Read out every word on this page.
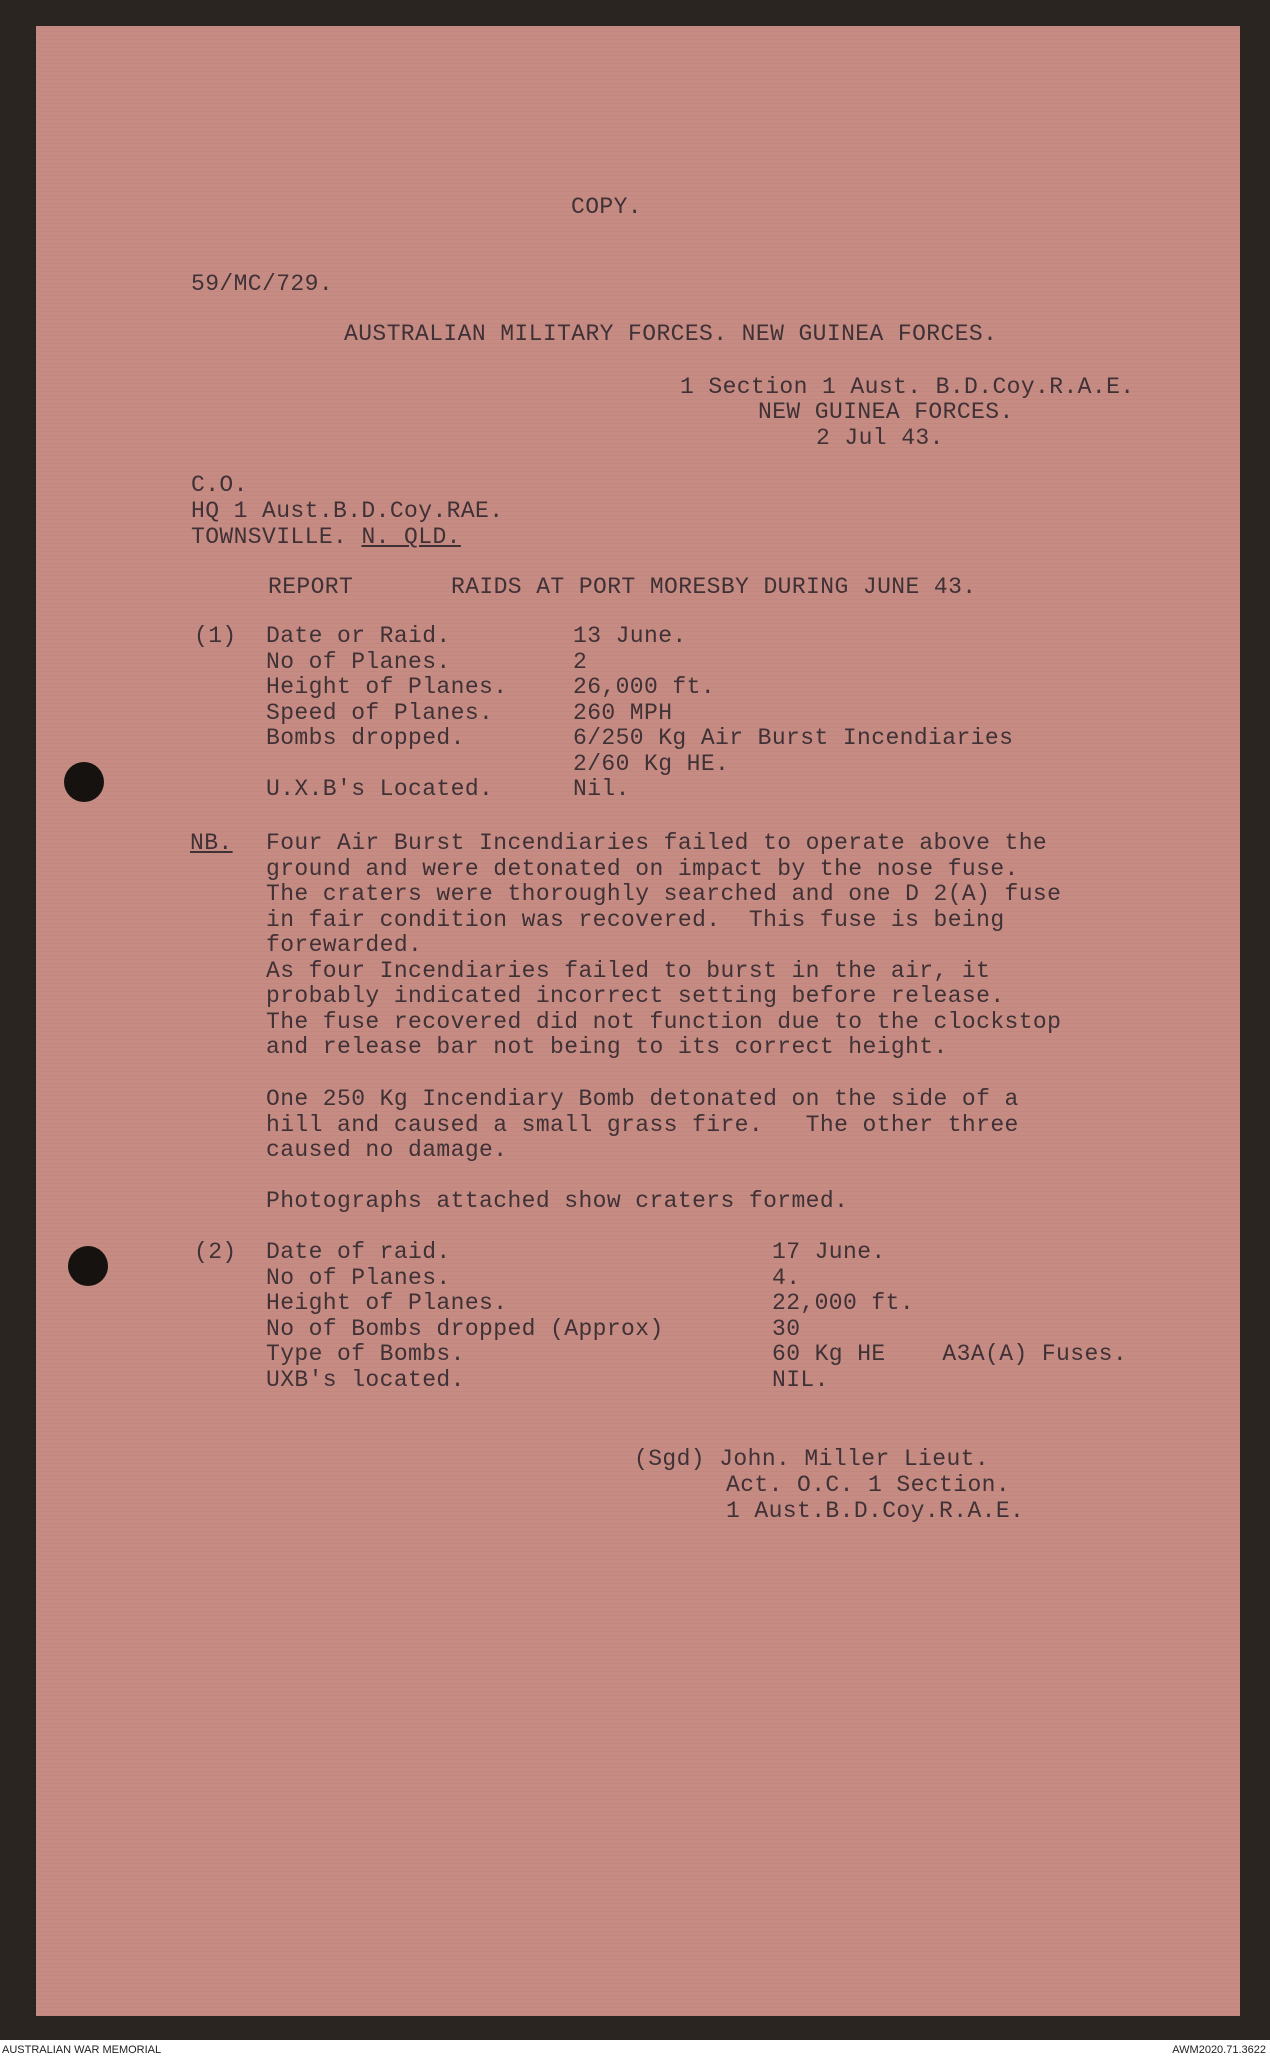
COPY.
59/MC/729.
AUSTRALIAN MILITARY FORCES. NEW GUINEA FORCES.
1 Section 1 Aust. B.D.Coy.R.A.E.
NEW GUINEA FORCES.
2 Jul 43.
C.O.
HQ 1 Aust.B.D.Coy.RAE.
TOWNSVILLE. N. QLD.
REPORT	RAIDS AT PORT MORESBY DURING JUNE 43.
(1) Date or Raid.	13 June.
No of Planes.	2
Height of Planes.	26,000 ft.
Speed of Planes.	260 MPH
Bombs dropped.	6/250 Kg Air Burst Incendiaries
2/60 Kg HE.
U.X.B's Located.	Nil.
NB. Four Air Burst Incendiaries failed to operate above the
ground and were detonated on impact by the nose fuse.
The craters were thoroughly searched and one D 2(A) fuse
in fair condition was recovered.  This fuse is being
forewarded.
As four Incendiaries failed to burst in the air, it
probably indicated incorrect setting before release.
The fuse recovered did not function due to the clockstop
and release bar not being to its correct height.
One 250 Kg Incendiary Bomb detonated on the side of a
hill and caused a small grass fire.   The other three
caused no damage.
Photographs attached show craters formed.
(2) Date of raid.	17 June.
No of Planes.	4.
Height of Planes.	22,000 ft.
No of Bombs dropped (Approx)	30
Type of Bombs.	60 Kg HE    A3A(A) Fuses.
UXB's located.	NIL.
(Sgd) John. Miller Lieut.
Act. O.C. 1 Section.
1 Aust.B.D.Coy.R.A.E.
AUSTRALIAN WAR MEMORIAL	AWM2020.71.3622
